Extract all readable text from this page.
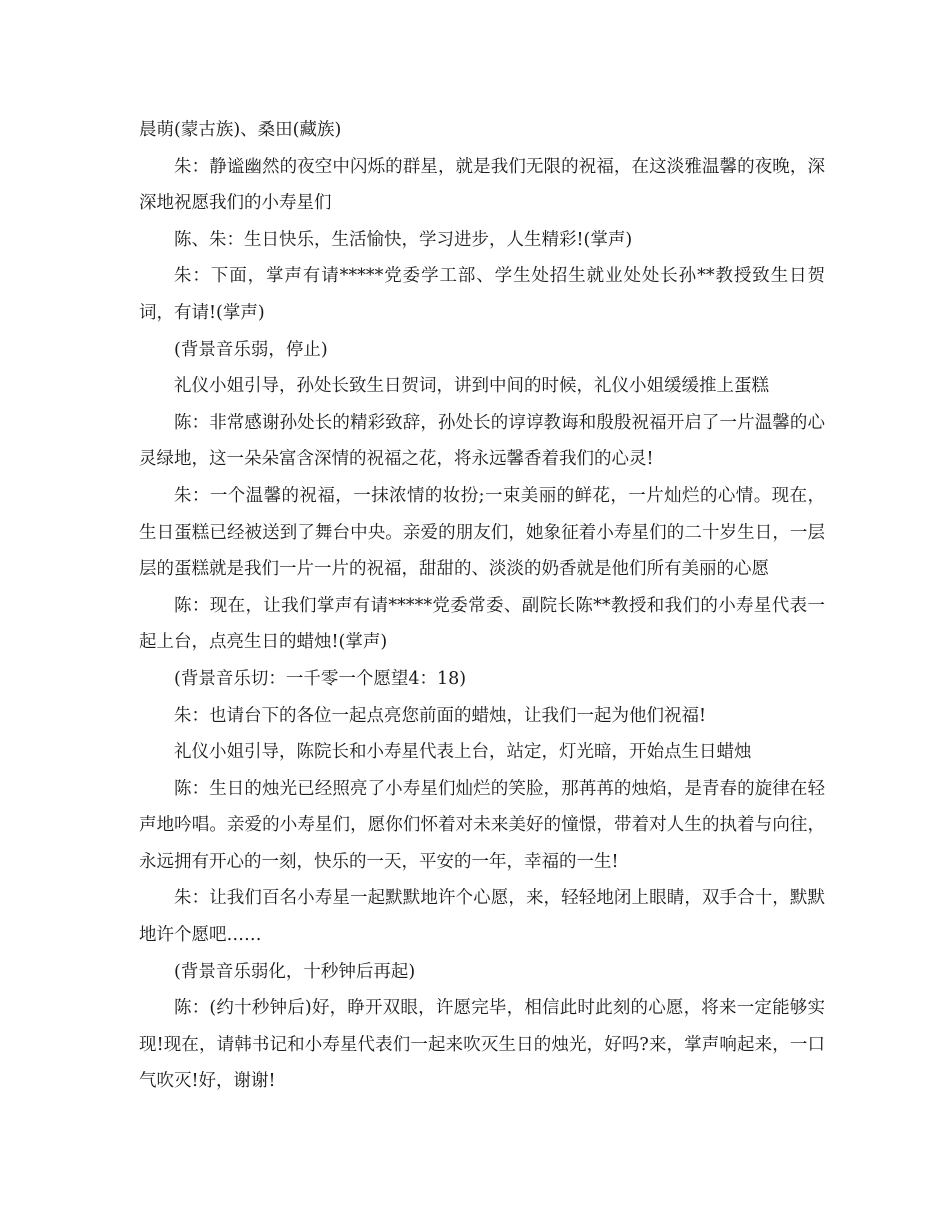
晨萌(蒙古族)、桑田(藏族)

朱：静谧幽然的夜空中闪烁的群星，就是我们无限的祝福，在这淡雅温馨的夜晚，深深地祝愿我们的小寿星们

陈、朱：生日快乐，生活愉快，学习进步，人生精彩!(掌声)

朱：下面，掌声有请*****党委学工部、学生处招生就业处处长孙**教授致生日贺词，有请!(掌声)

(背景音乐弱，停止)

礼仪小姐引导，孙处长致生日贺词，讲到中间的时候，礼仪小姐缓缓推上蛋糕

陈：非常感谢孙处长的精彩致辞，孙处长的谆谆教诲和殷殷祝福开启了一片温馨的心灵绿地，这一朵朵富含深情的祝福之花，将永远馨香着我们的心灵!

朱：一个温馨的祝福，一抹浓情的妆扮;一束美丽的鲜花，一片灿烂的心情。现在，生日蛋糕已经被送到了舞台中央。亲爱的朋友们，她象征着小寿星们的二十岁生日，一层层的蛋糕就是我们一片一片的祝福，甜甜的、淡淡的奶香就是他们所有美丽的心愿

陈：现在，让我们掌声有请*****党委常委、副院长陈**教授和我们的小寿星代表一起上台，点亮生日的蜡烛!(掌声)

(背景音乐切：一千零一个愿望4：18)

朱：也请台下的各位一起点亮您前面的蜡烛，让我们一起为他们祝福!

礼仪小姐引导，陈院长和小寿星代表上台，站定，灯光暗，开始点生日蜡烛

陈：生日的烛光已经照亮了小寿星们灿烂的笑脸，那苒苒的烛焰，是青春的旋律在轻声地吟唱。亲爱的小寿星们，愿你们怀着对未来美好的憧憬，带着对人生的执着与向往，永远拥有开心的一刻，快乐的一天，平安的一年，幸福的一生!

朱：让我们百名小寿星一起默默地许个心愿，来，轻轻地闭上眼睛，双手合十，默默地许个愿吧……

(背景音乐弱化，十秒钟后再起)

陈：(约十秒钟后)好，睁开双眼，许愿完毕，相信此时此刻的心愿，将来一定能够实现!现在，请韩书记和小寿星代表们一起来吹灭生日的烛光，好吗?来，掌声响起来，一口气吹灭!好，谢谢!
